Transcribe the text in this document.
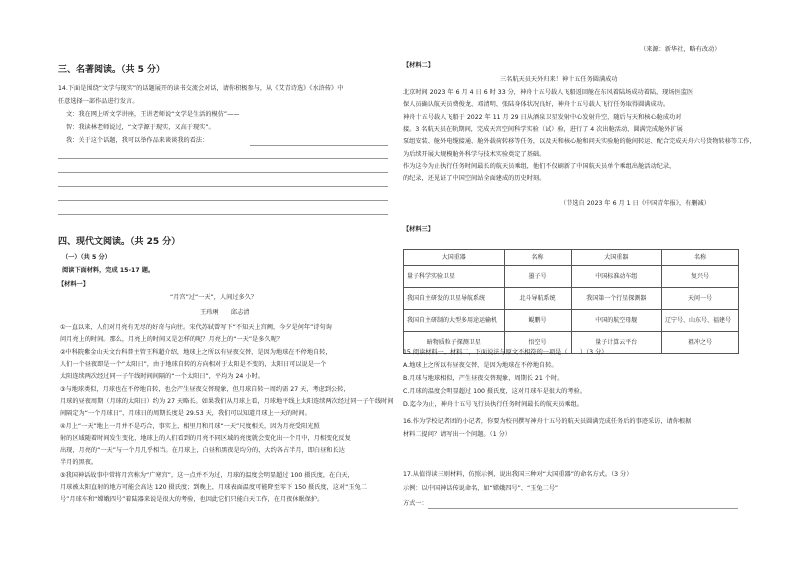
三、名著阅读。（共 5 分）
14.下面是围绕“文学与现实”的话题展开的读书交流会对话，请你积极参与，从《艾青诗选》《水浒传》中
任意选择一部作品进行发言。
文：我在网上听文学讲座，王讲老师说“文学是生活的模仿”——
智：我读林老师说过，“文学源于现实，又高于现实”。
我：关于这个话题，我可以举作品来谈谈我的看法：
四、现代文阅读。（共 25 分）
（一）（共 5 分）
阅读下面材料，完成 15-17 题。
【材料一】
“月宫”过“一天”，人间过多久？
王玮琍　　邱志清
①一直以来，人们对月亮有无尽的好奇与向往。宋代苏轼曾写下“不知天上宫阙，今夕是何年”诗句询
问月亮上的时间。那么，月亮上的时间又是怎样的呢？月亮上的“一天”是多久呢？
②中科院紫金山天文台科普主管王科超介绍，地球上之所以有昼夜交替，是因为地球在不停地自转，
人们一个昼夜即是一个“太阳日”，由于地球自转的方向相对于太阳是不变的，太阳日可以说是一个
太阳连续两次经过同一子午线时间间隔的“一个太阳日”，平均为 24 小时。
③与地球类似，月球也在不停地自转，也会产生昼夜交替现象，但月球自转一周约需 27 天，考虑到公转，
月球的昼夜周期（月球的太阳日）约为 27 天略长。如果我们从月球上看，月球地平线上太阳连续两次经过同一子午线时间
间隔定为“一个月球日”，月球日的周期长度是 29.53 天，我们可以知道月球上一天的时间。
④月上“一天”地上一月并不是巧合，事实上，相里月和月球“一天”尺度相关，因为月亮受阳光照
射的区域随着时间发生变化，地球上的人们看到的月亮不同区域的亮度就会变化出一个月中，月相变化反复
出现，月亮的“一天”与一个月几乎相当。在月球上，白昼和黑夜是均分的，大约各占半月，即白昼和长达
半月的黑夜。
⑤我国神话故事中常将月宫称为“广寒宫”，这一点并不为过，月球的温度会明显超过 100 摄氏度，在白天，
月球被太阳直射的地方可能会高达 120 摄氏度；到晚上，月球表面温度可能降至零下 150 摄氏度，这对“玉兔二
号”月球车和“嫦娥四号”着陆器来说是很大的考验，也因此它们只能白天工作，在月夜休眠保护。
（来源：新华社，略有改动）
【材料二】
三名航天员天外归来！神十五任务圆满成功
北京时间 2023 年 6 月 4 日 6 时 33 分，神舟十五号载人飞船返回舱在东风着陆场成功着陆，现场医监医
保人员确认航天员费俊龙、邓清明、张陆身体状况良好，神舟十五号载人飞行任务取得圆满成功。
神舟十五号载人飞船于 2022 年 11 月 29 日从酒泉卫星发射中心发射升空，随后与天和核心舱成功对
接。3 名航天员在轨期间，完成天宫空间科学实验（试）验，进行了 4 次出舱活动，圆满完成舱外扩展
泵组安装、舱外电缆接通、舱外载荷转移等任务，以及天和核心舱和问天实验舱的舱间转运、配合完成天舟六号货物转移等工作，
为后续开展大规模舱外科学与技术实验奠定了基础。
作为这今为止执行任务时间最长的航天员乘组，他们不仅刷新了中国航天员单个乘组出舱活动纪录，
的纪录，还见证了中国空间站全面建成的历史时刻。
（节选自 2023 年 6 月 1 日《中国青年报》，有删减）
【材料三】
大国重器	名称	大国重器	名称
量子科学实验卫星	墨子号	中国标准动车组	复兴号
我国自主研发的卫星导航系统	北斗导航系统	我国第一个行星探测器	天问一号
我国自主研制的大型多用途运输机	鲲鹏号	中国的航空母舰	辽宁号、山东号、福建号
暗物质粒子探测卫星	悟空号	量子计算云平台	祖冲之号
15.阅读材料一、材料二，下面说法与原文不相符的一项是（　　）（3 分）
A.地球上之所以有昼夜交替，是因为地球在不停地自转。
B.月球与地球相似，产生昼夜交替现象，周期长 21 个时。
C.月球的温度会明显超过 100 摄氏度，这对月球车是很大的考验。
D.迄今为止，神舟十五号飞行员执行任务时间最长的航天员乘组。
16.作为学校记者团的小记者，你要为校刊撰写神舟十五号的航天员圆满完成任务后的事迹采访，请你根据
材料二提问？请写出一个问题。（1 分）
17.从值得读三则材料，仿照示例，说出我国三种对“大国重器”的命名方式。（3 分）
示例：以中国神话传说命名，如“嫦娥四号”、“玉兔二号”
方式一：
